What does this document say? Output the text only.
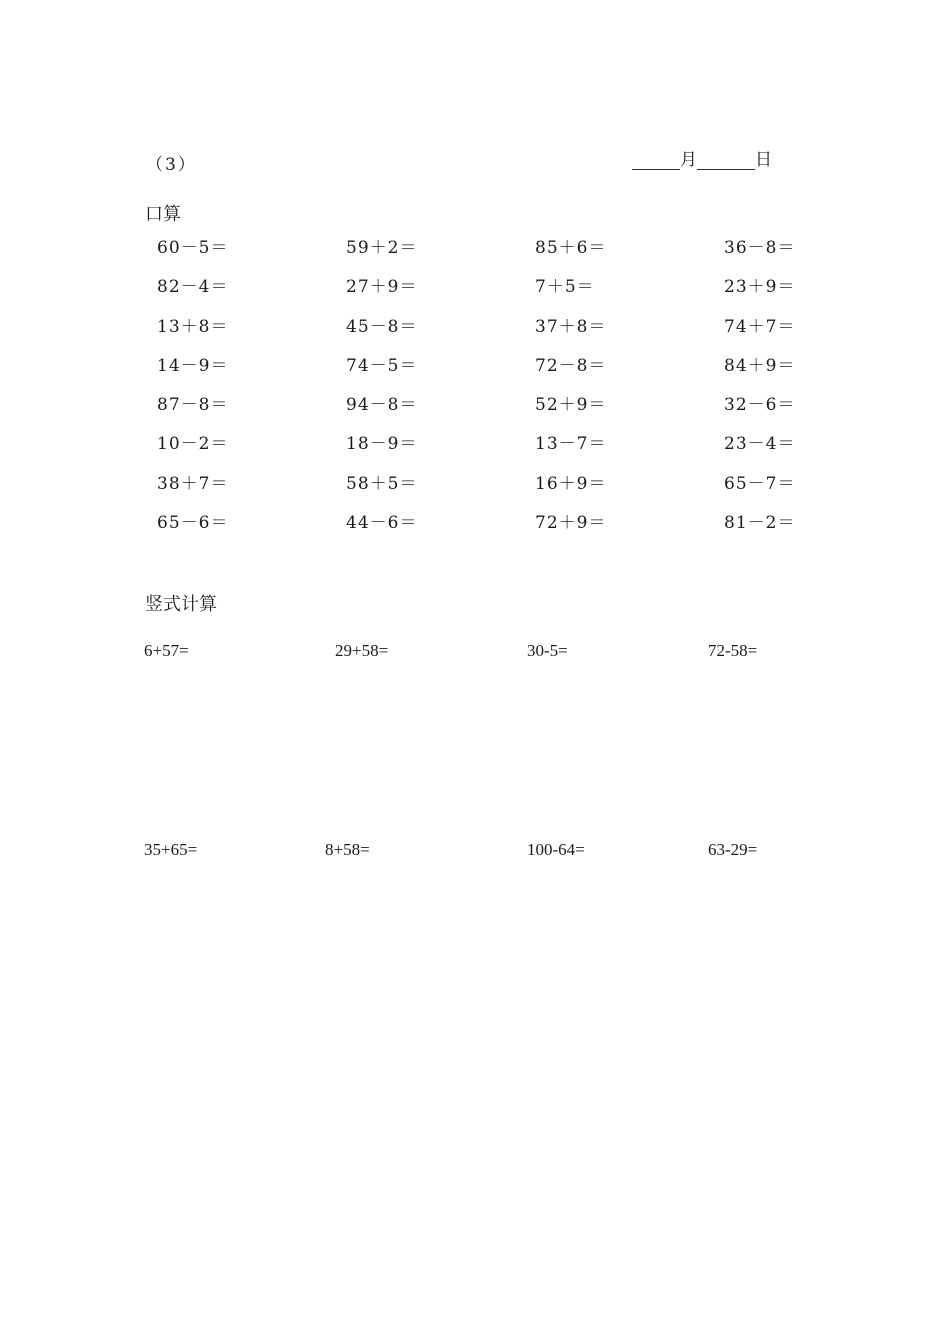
（3）	月	日
口算
60－5＝	59＋2＝	85＋6＝	36－8＝
82－4＝	27＋9＝	7＋5＝	23＋9＝
13＋8＝	45－8＝	37＋8＝	74＋7＝
14－9＝	74－5＝	72－8＝	84＋9＝
87－8＝	94－8＝	52＋9＝	32－6＝
10－2＝	18－9＝	13－7＝	23－4＝
38＋7＝	58＋5＝	16＋9＝	65－7＝
65－6＝	44－6＝	72＋9＝	81－2＝
竖式计算
6+57=	29+58=	30-5=	72-58=
35+65=	8+58=	100-64=	63-29=
